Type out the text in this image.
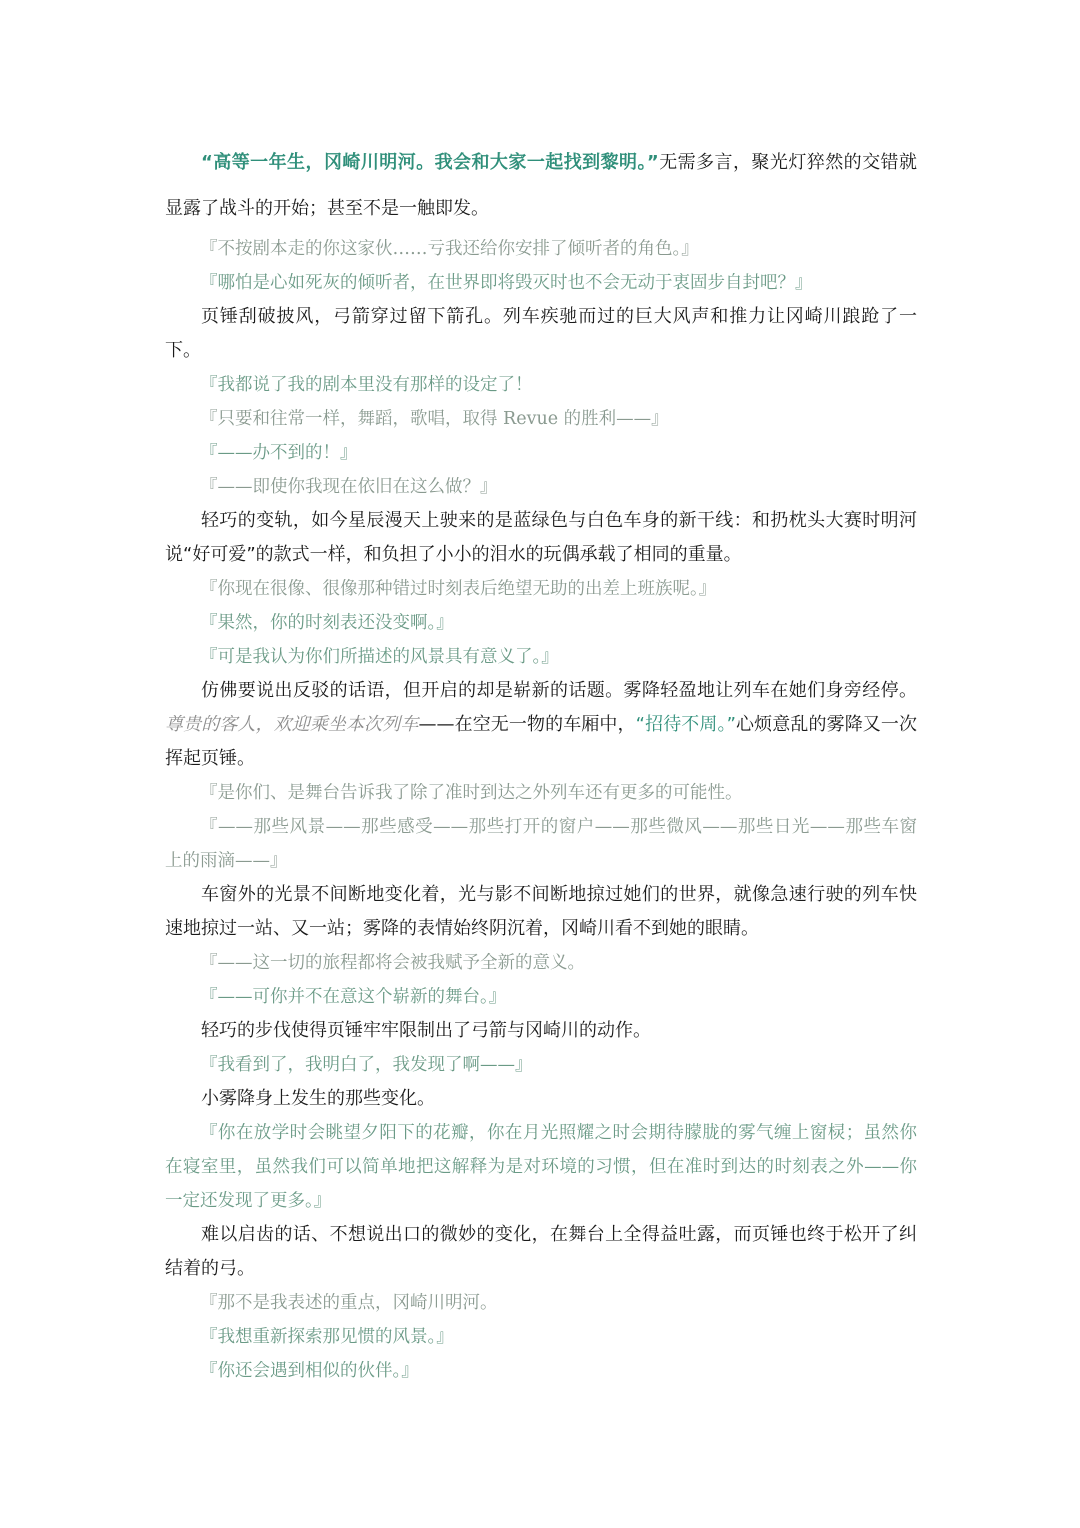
“高等一年生，冈崎川明河。我会和大家一起找到黎明。”无需多言，聚光灯猝然的交错就显露了战斗的开始；甚至不是一触即发。

『不按剧本走的你这家伙……亏我还给你安排了倾听者的角色。』

『哪怕是心如死灰的倾听者，在世界即将毁灭时也不会无动于衷固步自封吧？』

页锤刮破披风，弓箭穿过留下箭孔。列车疾驰而过的巨大风声和推力让冈崎川踉跄了一下。

『我都说了我的剧本里没有那样的设定了！

『只要和往常一样，舞蹈，歌唱，取得 Revue 的胜利——』

『——办不到的！』

『——即使你我现在依旧在这么做？』

轻巧的变轨，如今星辰漫天上驶来的是蓝绿色与白色车身的新干线：和扔枕头大赛时明河说“好可爱”的款式一样，和负担了小小的泪水的玩偶承载了相同的重量。

『你现在很像、很像那种错过时刻表后绝望无助的出差上班族呢。』

『果然，你的时刻表还没变啊。』

『可是我认为你们所描述的风景具有意义了。』

仿佛要说出反驳的话语，但开启的却是崭新的话题。雾降轻盈地让列车在她们身旁经停。尊贵的客人，欢迎乘坐本次列车——在空无一物的车厢中，“招待不周。”心烦意乱的雾降又一次挥起页锤。

『是你们、是舞台告诉我了除了准时到达之外列车还有更多的可能性。

『——那些风景——那些感受——那些打开的窗户——那些微风——那些日光——那些车窗上的雨滴——』

车窗外的光景不间断地变化着，光与影不间断地掠过她们的世界，就像急速行驶的列车快速地掠过一站、又一站；雾降的表情始终阴沉着，冈崎川看不到她的眼睛。

『——这一切的旅程都将会被我赋予全新的意义。

『——可你并不在意这个崭新的舞台。』

轻巧的步伐使得页锤牢牢限制出了弓箭与冈崎川的动作。

『我看到了，我明白了，我发现了啊——』

小雾降身上发生的那些变化。

『你在放学时会眺望夕阳下的花瓣，你在月光照耀之时会期待朦胧的雾气缠上窗棂；虽然你在寝室里，虽然我们可以简单地把这解释为是对环境的习惯，但在准时到达的时刻表之外——你一定还发现了更多。』

难以启齿的话、不想说出口的微妙的变化，在舞台上全得益吐露，而页锤也终于松开了纠结着的弓。

『那不是我表述的重点，冈崎川明河。

『我想重新探索那见惯的风景。』

『你还会遇到相似的伙伴。』
